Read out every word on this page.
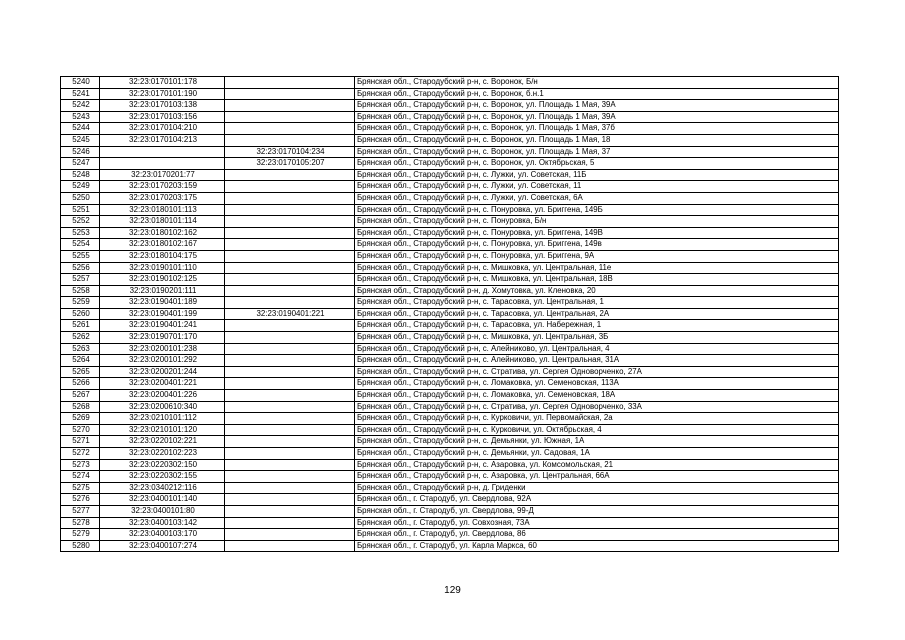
5240	32:23:0170101:178		Брянская обл., Стародубский р-н, с. Воронок, Б/н
5241	32:23:0170101:190		Брянская обл., Стародубский р-н, с. Воронок, б.н.1
5242	32:23:0170103:138		Брянская обл., Стародубский р-н, с. Воронок, ул. Площадь 1 Мая, 39А
5243	32:23:0170103:156		Брянская обл., Стародубский р-н, с. Воронок, ул. Площадь 1 Мая, 39А
5244	32:23:0170104:210		Брянская обл., Стародубский р-н, с. Воронок, ул. Площадь 1 Мая, 37б
5245	32:23:0170104:213		Брянская обл., Стародубский р-н, с. Воронок, ул. Площадь 1 Мая, 18
5246		32:23:0170104:234	Брянская обл., Стародубский р-н, с. Воронок, ул. Площадь 1 Мая, 37
5247		32:23:0170105:207	Брянская обл., Стародубский р-н, с. Воронок, ул. Октябрьская, 5
5248	32:23:0170201:77		Брянская обл., Стародубский р-н, с. Лужки, ул. Советская, 11Б
5249	32:23:0170203:159		Брянская обл., Стародубский р-н, с. Лужки, ул. Советская, 11
5250	32:23:0170203:175		Брянская обл., Стародубский р-н, с. Лужки, ул. Советская, 6А
5251	32:23:0180101:113		Брянская обл., Стародубский р-н, с. Понуровка, ул. Бриггена, 149Б
5252	32:23:0180101:114		Брянская обл., Стародубский р-н, с. Понуровка, Б/н
5253	32:23:0180102:162		Брянская обл., Стародубский р-н, с. Понуровка, ул. Бриггена, 149В
5254	32:23:0180102:167		Брянская обл., Стародубский р-н, с. Понуровка, ул. Бриггена, 149в
5255	32:23:0180104:175		Брянская обл., Стародубский р-н, с. Понуровка, ул. Бриггена, 9А
5256	32:23:0190101:110		Брянская обл., Стародубский р-н, с. Мишковка, ул. Центральная, 11е
5257	32:23:0190102:125		Брянская обл., Стародубский р-н, с. Мишковка, ул. Центральная, 18В
5258	32:23:0190201:111		Брянская обл., Стародубский р-н, д. Хомутовка, ул. Кленовка, 20
5259	32:23:0190401:189		Брянская обл., Стародубский р-н, с. Тарасовка, ул. Центральная, 1
5260	32:23:0190401:199	32:23:0190401:221	Брянская обл., Стародубский р-н, с. Тарасовка, ул. Центральная, 2А
5261	32:23:0190401:241		Брянская обл., Стародубский р-н, с. Тарасовка, ул. Набережная, 1
5262	32:23:0190701:170		Брянская обл., Стародубский р-н, с. Мишковка, ул. Центральная, 3Б
5263	32:23:0200101:238		Брянская обл., Стародубский р-н, с. Алейниково, ул. Центральная, 4
5264	32:23:0200101:292		Брянская обл., Стародубский р-н, с. Алейниково, ул. Центральная, 31А
5265	32:23:0200201:244		Брянская обл., Стародубский р-н, с. Стратива, ул. Сергея Одноворченко, 27А
5266	32:23:0200401:221		Брянская обл., Стародубский р-н, с. Ломаковка, ул. Семеновская, 113А
5267	32:23:0200401:226		Брянская обл., Стародубский р-н, с. Ломаковка, ул. Семеновская, 18А
5268	32:23:0200610:340		Брянская обл., Стародубский р-н, с. Стратива, ул. Сергея Одноворченко, 33А
5269	32:23:0210101:112		Брянская обл., Стародубский р-н, с. Курковичи, ул. Первомайская, 2а
5270	32:23:0210101:120		Брянская обл., Стародубский р-н, с. Курковичи, ул. Октябрьская, 4
5271	32:23:0220102:221		Брянская обл., Стародубский р-н, с. Демьянки, ул. Южная, 1А
5272	32:23:0220102:223		Брянская обл., Стародубский р-н, с. Демьянки, ул. Садовая, 1А
5273	32:23:0220302:150		Брянская обл., Стародубский р-н, с. Азаровка, ул. Комсомольская, 21
5274	32:23:0220302:155		Брянская обл., Стародубский р-н, с. Азаровка, ул. Центральная, 66А
5275	32:23:0340212:116		Брянская обл., Стародубский р-н, д. Гриденки
5276	32:23:0400101:140		Брянская обл., г. Стародуб, ул. Свердлова, 92А
5277	32:23:0400101:80		Брянская обл., г. Стародуб, ул. Свердлова, 99-Д
5278	32:23:0400103:142		Брянская обл., г. Стародуб, ул. Совхозная, 73А
5279	32:23:0400103:170		Брянская обл., г. Стародуб, ул. Свердлова, 86
5280	32:23:0400107:274		Брянская обл., г. Стародуб, ул. Карла Маркса, 60
129
